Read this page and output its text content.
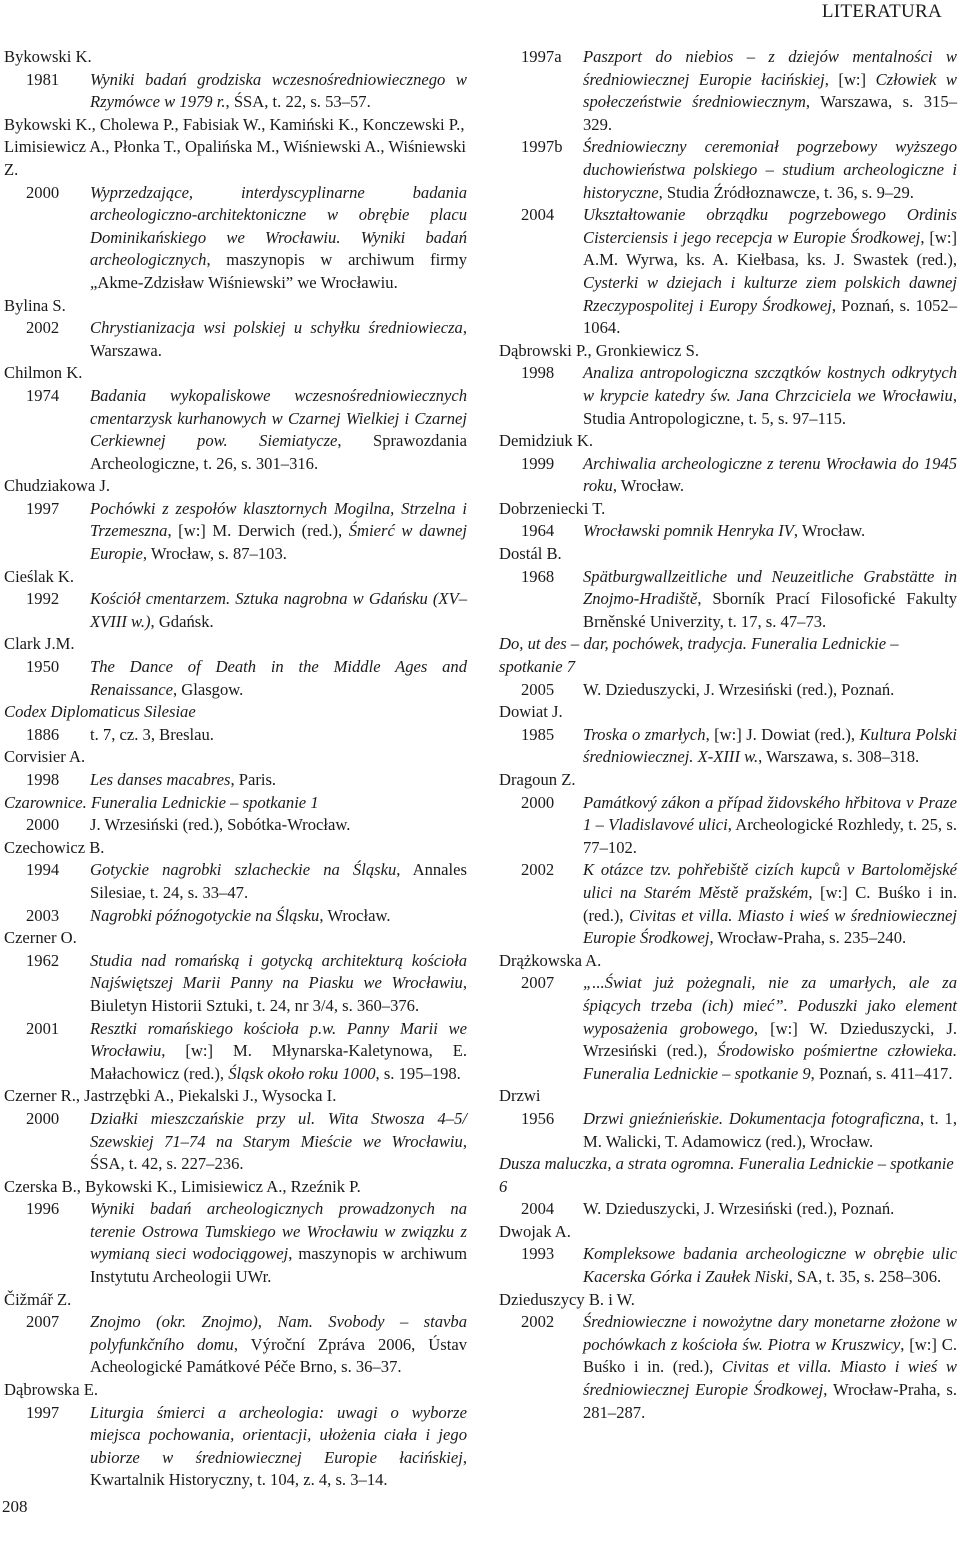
LITERATURA
Bykowski K.
1981	Wyniki badań grodziska wczesnośredniowiecznego w Rzymówce w 1979 r., ŚSA, t. 22, s. 53–57.
Bykowski K., Cholewa P., Fabisiak W., Kamiński K., Konczewski P., Limisiewicz A., Płonka T., Opalińska M., Wiśniewski A., Wiśniewski Z.
2000	Wyprzedzające, interdyscyplinarne badania archeologiczno-architektoniczne w obrębie placu Dominikańskiego we Wrocławiu. Wyniki badań archeologicznych, maszynopis w archiwum firmy „Akme-Zdzisław Wiśniewski” we Wrocławiu.
Bylina S.
2002	Chrystianizacja wsi polskiej u schyłku średniowiecza, Warszawa.
Chilmon K.
1974	Badania wykopaliskowe wczesnośredniowiecznych cmentarzysk kurhanowych w Czarnej Wielkiej i Czarnej Cerkiewnej pow. Siemiatycze, Sprawozdania Archeologiczne, t. 26, s. 301–316.
Chudziakowa J.
1997	Pochówki z zespołów klasztornych Mogilna, Strzelna i Trzemeszna, [w:] M. Derwich (red.), Śmierć w dawnej Europie, Wrocław, s. 87–103.
Cieślak K.
1992	Kościół cmentarzem. Sztuka nagrobna w Gdańsku (XV–XVIII w.), Gdańsk.
Clark J.M.
1950	The Dance of Death in the Middle Ages and Renaissance, Glasgow.
Codex Diplomaticus Silesiae
1886	t. 7, cz. 3, Breslau.
Corvisier A.
1998	Les danses macabres, Paris.
Czarownice. Funeralia Lednickie – spotkanie 1
2000	J. Wrzesiński (red.), Sobótka-Wrocław.
Czechowicz B.
1994	Gotyckie nagrobki szlacheckie na Śląsku, Annales Silesiae, t. 24, s. 33–47.
2003	Nagrobki późnogotyckie na Śląsku, Wrocław.
Czerner O.
1962	Studia nad romańską i gotycką architekturą kościoła Najświętszej Marii Panny na Piasku we Wrocławiu, Biuletyn Historii Sztuki, t. 24, nr 3/4, s. 360–376.
2001	Resztki romańskiego kościoła p.w. Panny Marii we Wrocławiu, [w:] M. Młynarska-Kaletynowa, E. Małachowicz (red.), Śląsk około roku 1000, s. 195–198.
Czerner R., Jastrzębki A., Piekalski J., Wysocka I.
2000	Działki mieszczańskie przy ul. Wita Stwosza 4–5/ Szewskiej 71–74 na Starym Mieście we Wrocławiu, ŚSA, t. 42, s. 227–236.
Czerska B., Bykowski K., Limisiewicz A., Rzeźnik P.
1996	Wyniki badań archeologicznych prowadzonych na terenie Ostrowa Tumskiego we Wrocławiu w związku z wymianą sieci wodociągowej, maszynopis w archiwum Instytutu Archeologii UWr.
Čižmář Z.
2007	Znojmo (okr. Znojmo), Nam. Svobody – stavba polyfunkčního domu, Výroční Zpráva 2006, Ústav Acheologické Památkové Péče Brno, s. 36–37.
Dąbrowska E.
1997	Liturgia śmierci a archeologia: uwagi o wyborze miejsca pochowania, orientacji, ułożenia ciała i jego ubiorze w średniowiecznej Europie łacińskiej, Kwartalnik Historyczny, t. 104, z. 4, s. 3–14.
1997a	Paszport do niebios – z dziejów mentalności w średniowiecznej Europie łacińskiej, [w:] Człowiek w społeczeństwie średniowiecznym, Warszawa, s. 315–329.
1997b	Średniowieczny ceremoniał pogrzebowy wyższego duchowieństwa polskiego – studium archeologiczne i historyczne, Studia Źródłoznawcze, t. 36, s. 9–29.
2004	Ukształtowanie obrządku pogrzebowego Ordinis Cisterciensis i jego recepcja w Europie Środkowej, [w:] A.M. Wyrwa, ks. A. Kiełbasa, ks. J. Swastek (red.), Cysterki w dziejach i kulturze ziem polskich dawnej Rzeczypospolitej i Europy Środkowej, Poznań, s. 1052–1064.
Dąbrowski P., Gronkiewicz S.
1998	Analiza antropologiczna szczątków kostnych odkrytych w krypcie katedry św. Jana Chrzciciela we Wrocławiu, Studia Antropologiczne, t. 5, s. 97–115.
Demidziuk K.
1999	Archiwalia archeologiczne z terenu Wrocławia do 1945 roku, Wrocław.
Dobrzeniecki T.
1964	Wrocławski pomnik Henryka IV, Wrocław.
Dostál B.
1968	Spätburgwallzeitliche und Neuzeitliche Grabstätte in Znojmo-Hradiště, Sborník Prací Filosofické Fakulty Brněnské Univerzity, t. 17, s. 47–73.
Do, ut des – dar, pochówek, tradycja. Funeralia Lednickie – spotkanie 7
2005	W. Dzieduszycki, J. Wrzesiński (red.), Poznań.
Dowiat J.
1985	Troska o zmarłych, [w:] J. Dowiat (red.), Kultura Polski średniowiecznej. X-XIII w., Warszawa, s. 308–318.
Dragoun Z.
2000	Památkový zákon a případ židovského hřbitova v Praze 1 – Vladislavové ulici, Archeologické Rozhledy, t. 25, s. 77–102.
2002	K otázce tzv. pohřebiště cizích kupců v Bartolomějské ulici na Starém Městě pražském, [w:] C. Buśko i in. (red.), Civitas et villa. Miasto i wieś w średniowiecznej Europie Środkowej, Wrocław-Praha, s. 235–240.
Drążkowska A.
2007	„...Świat już pożegnali, nie za umarłych, ale za śpiących trzeba (ich) mieć”. Poduszki jako element wyposażenia grobowego, [w:] W. Dzieduszycki, J. Wrzesiński (red.), Środowisko pośmiertne człowieka. Funeralia Lednickie – spotkanie 9, Poznań, s. 411–417.
Drzwi
1956	Drzwi gnieźnieńskie. Dokumentacja fotograficzna, t. 1, M. Walicki, T. Adamowicz (red.), Wrocław.
Dusza maluczka, a strata ogromna. Funeralia Lednickie – spotkanie 6
2004	W. Dzieduszycki, J. Wrzesiński (red.), Poznań.
Dwojak A.
1993	Kompleksowe badania archeologiczne w obrębie ulic Kacerska Górka i Zaułek Niski, SA, t. 35, s. 258–306.
Dzieduszycy B. i W.
2002	Średniowieczne i nowożytne dary monetarne złożone w pochówkach z kościoła św. Piotra w Kruszwicy, [w:] C. Buśko i in. (red.), Civitas et villa. Miasto i wieś w średniowiecznej Europie Środkowej, Wrocław-Praha, s. 281–287.
208
